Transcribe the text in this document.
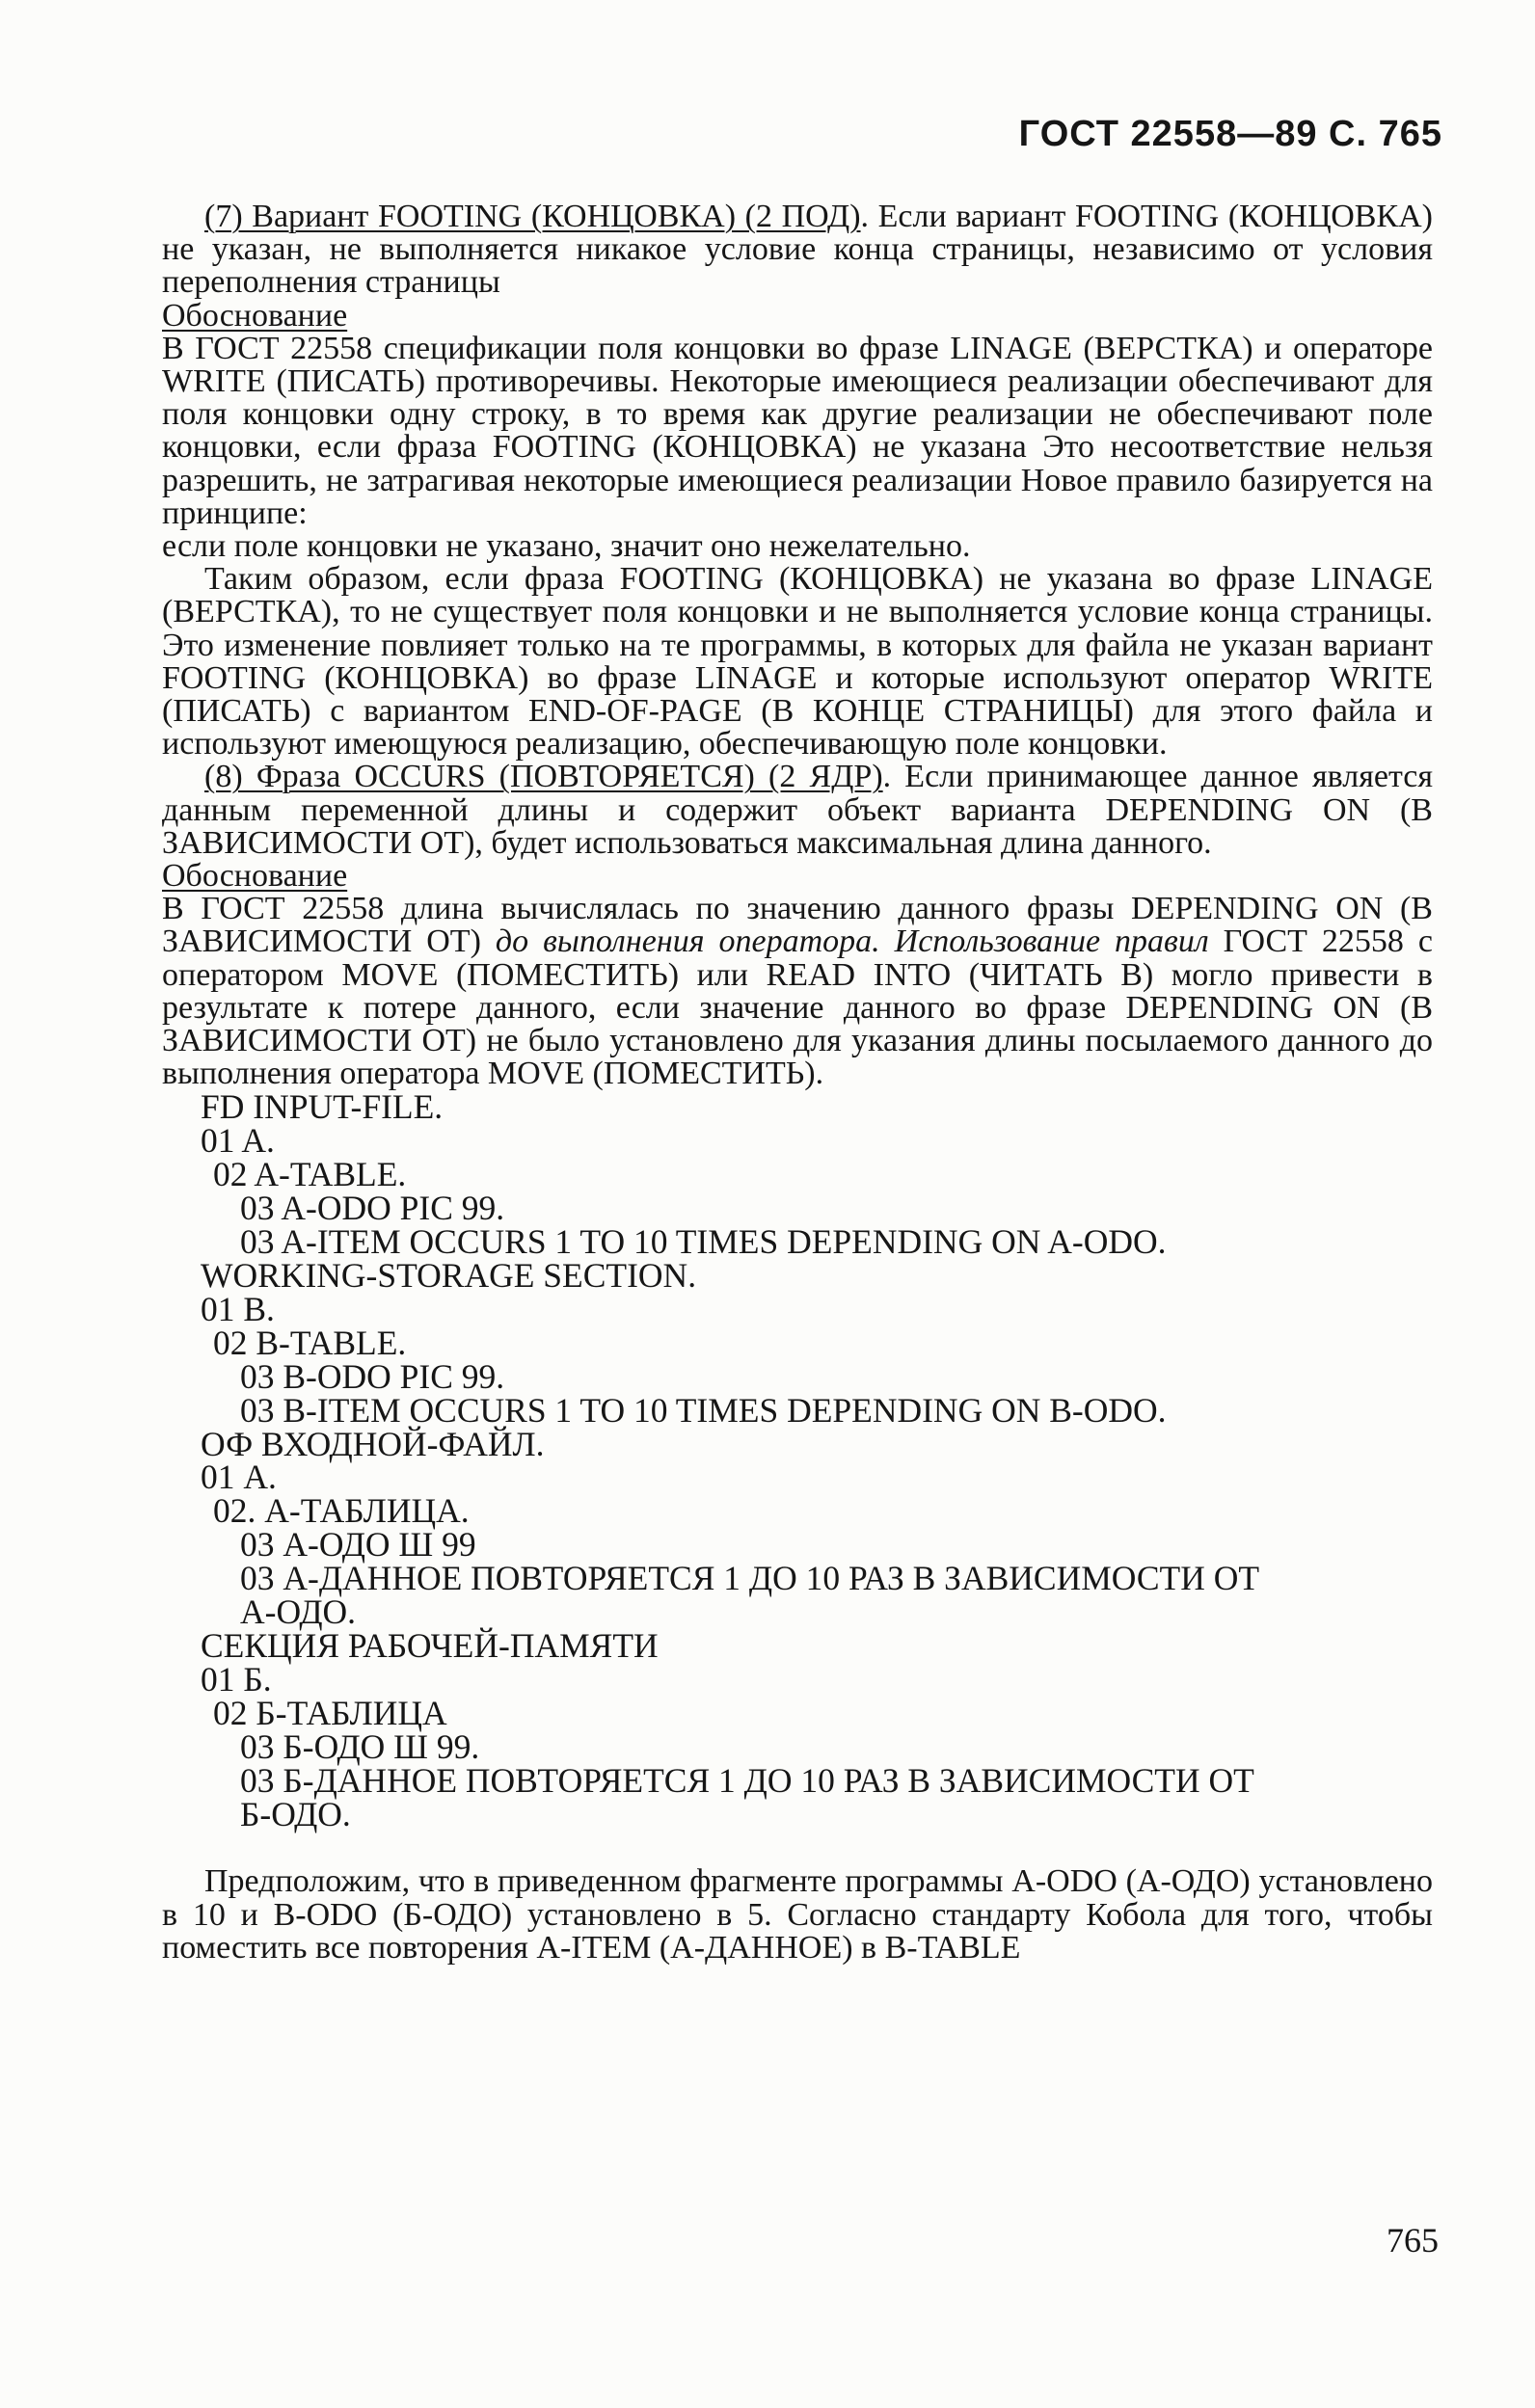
ГОСТ 22558—89 С. 765

(7) Вариант FOOTING (КОНЦОВКА) (2 ПОД). Если вариант FOOTING (КОНЦОВКА) не указан, не выполняется никакое условие конца страницы, независимо от условия переполнения страницы

Обоснование

В ГОСТ 22558 спецификации поля концовки во фразе LINAGE (ВЕРСТКА) и операторе WRITE (ПИСАТЬ) противоречивы. Некоторые имеющиеся реализации обеспечивают для поля концовки одну строку, в то время как другие реализации не обеспечивают поле концовки, если фраза FOOTING (КОНЦОВКА) не указана Это несоответствие нельзя разрешить, не затрагивая некоторые имеющиеся реализации Новое правило базируется на принципе:

если поле концовки не указано, значит оно нежелательно.

Таким образом, если фраза FOOTING (КОНЦОВКА) не указана во фразе LINAGE (ВЕРСТКА), то не существует поля концовки и не выполняется условие конца страницы. Это изменение повлияет только на те программы, в которых для файла не указан вариант FOOTING (КОНЦОВКА) во фразе LINAGE и которые используют оператор WRITE (ПИСАТЬ) с вариантом END-OF-PAGE (В КОНЦЕ СТРАНИЦЫ) для этого файла и используют имеющуюся реализацию, обеспечивающую поле концовки.

(8) Фраза OCCURS (ПОВТОРЯЕТСЯ) (2 ЯДР). Если принимающее данное является данным переменной длины и содержит объект варианта DEPENDING ON (В ЗАВИСИМОСТИ ОТ), будет использоваться максимальная длина данного.

Обоснование

В ГОСТ 22558 длина вычислялась по значению данного фразы DEPENDING ON (В ЗАВИСИМОСТИ ОТ) до выполнения оператора. Использование правил ГОСТ 22558 с оператором MOVE (ПОМЕСТИТЬ) или READ INTO (ЧИТАТЬ В) могло привести в результате к потере данного, если значение данного во фразе DEPENDING ON (В ЗАВИСИМОСТИ ОТ) не было установлено для указания длины посылаемого данного до выполнения оператора MOVE (ПОМЕСТИТЬ).

FD INPUT-FILE.
01 A.
02 A-TABLE.
03 A-ODO PIC 99.
03 A-ITEM OCCURS 1 TO 10 TIMES DEPENDING ON A-ODO.
WORKING-STORAGE SECTION.
01 B.
02 B-TABLE.
03 B-ODO PIC 99.
03 B-ITEM OCCURS 1 TO 10 TIMES DEPENDING ON B-ODO.
ОФ ВХОДНОЙ-ФАЙЛ.
01 А.
02. А-ТАБЛИЦА.
03 А-ОДО Ш 99
03 А-ДАННОЕ ПОВТОРЯЕТСЯ 1 ДО 10 РАЗ В ЗАВИСИМОСТИ ОТ
А-ОДО.
СЕКЦИЯ РАБОЧЕЙ-ПАМЯТИ
01 Б.
02 Б-ТАБЛИЦА
03 Б-ОДО Ш 99.
03 Б-ДАННОЕ ПОВТОРЯЕТСЯ 1 ДО 10 РАЗ В ЗАВИСИМОСТИ ОТ
Б-ОДО.

Предположим, что в приведенном фрагменте программы A-ODO (А-ОДО) установлено в 10 и B-ODO (Б-ОДО) установлено в 5. Согласно стандарту Кобола для того, чтобы поместить все повторения A-ITEM (А-ДАННОЕ) в B-TABLE

765
